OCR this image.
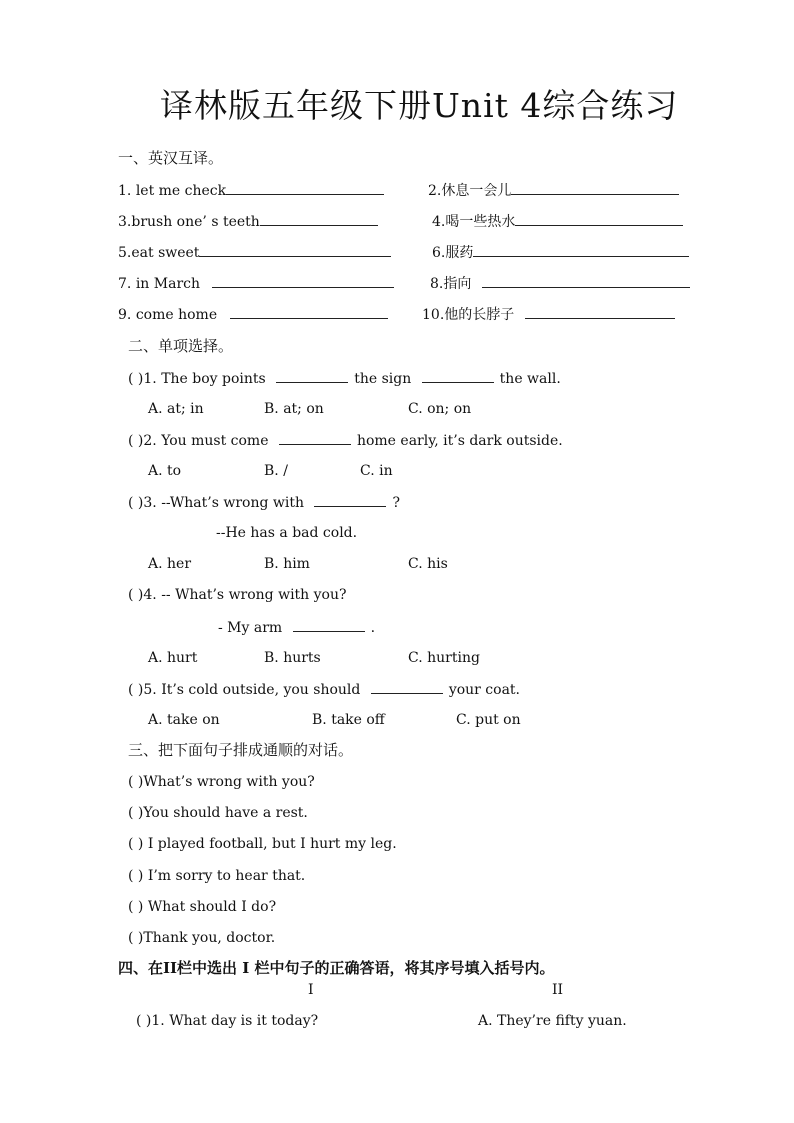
译林版五年级下册Unit 4综合练习
一、英汉互译。
1. let me check	2.休息一会儿
3.brush one’ s teeth	4.喝一些热水
5.eat sweet	6.服药
7. in March	8.指向
9. come home	10.他的长脖子
二、单项选择。
( )1. The boy points	the sign	the wall.
A. at; in	B. at; on	C. on; on
( )2. You must come	home early, it’s dark outside.
A. to	B. /	C. in
( )3. --What’s wrong with	?
--He has a bad cold.
A. her	B. him	C. his
( )4. -- What’s wrong with you?
- My arm	.
A. hurt	B. hurts	C. hurting
( )5. It’s cold outside, you should	your coat.
A. take on	B. take off	C. put on
三、把下面句子排成通顺的对话。
( )What’s wrong with you?
( )You should have a rest.
( ) I played football, but I hurt my leg.
( ) I’m sorry to hear that.
( ) What should I do?
( )Thank you, doctor.
四、在II栏中选出 I 栏中句子的正确答语，将其序号填入括号内。
I	II
( )1. What day is it today?	A. They’re fifty yuan.
